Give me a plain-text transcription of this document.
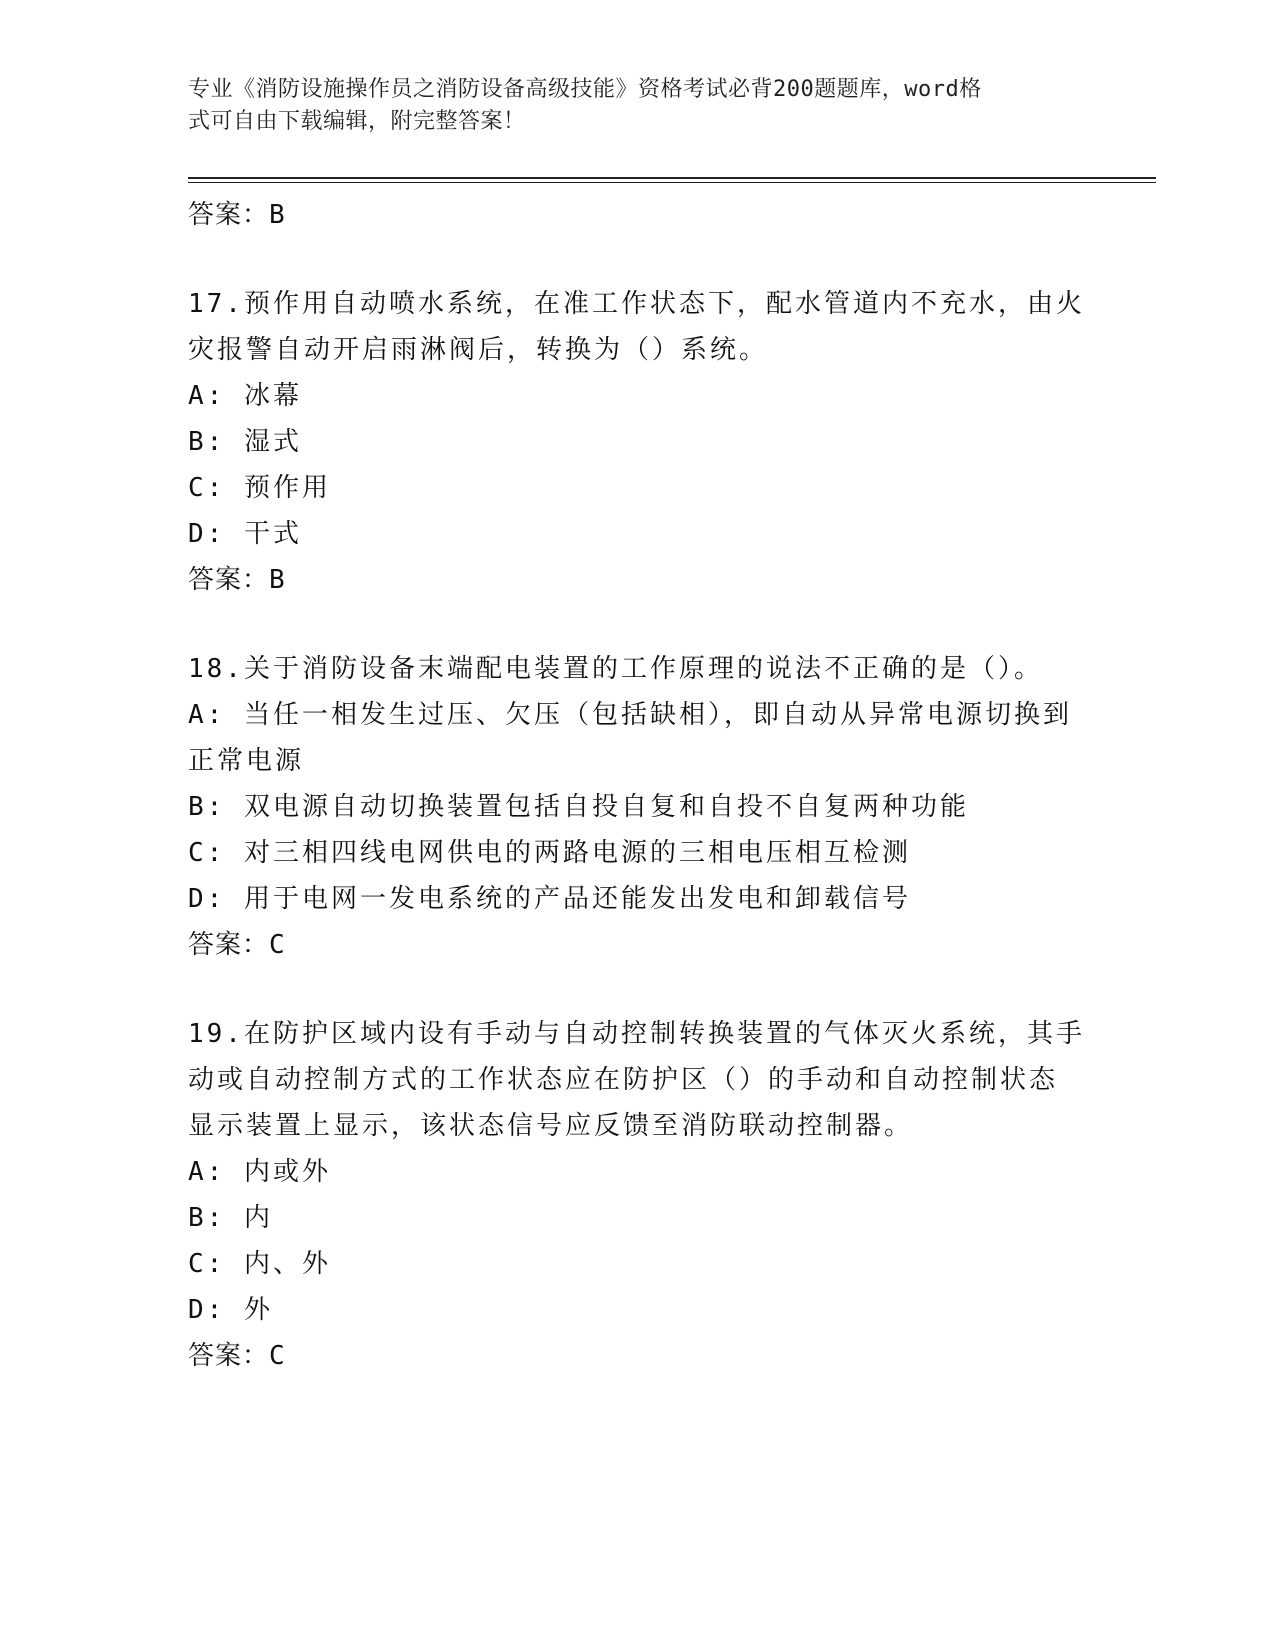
专业《消防设施操作员之消防设备高级技能》资格考试必背200题题库，word格
式可自由下载编辑，附完整答案！
答案：B
17.预作用自动喷水系统，在准工作状态下，配水管道内不充水，由火
灾报警自动开启雨淋阀后，转换为（）系统。
A: 冰幕
B: 湿式
C: 预作用
D: 干式
答案：B
18.关于消防设备末端配电装置的工作原理的说法不正确的是（）。
A: 当任一相发生过压、欠压（包括缺相），即自动从异常电源切换到
正常电源
B: 双电源自动切换装置包括自投自复和自投不自复两种功能
C: 对三相四线电网供电的两路电源的三相电压相互检测
D: 用于电网一发电系统的产品还能发出发电和卸载信号
答案：C
19.在防护区域内设有手动与自动控制转换装置的气体灭火系统，其手
动或自动控制方式的工作状态应在防护区（）的手动和自动控制状态
显示装置上显示，该状态信号应反馈至消防联动控制器。
A: 内或外
B: 内
C: 内、外
D: 外
答案：C
